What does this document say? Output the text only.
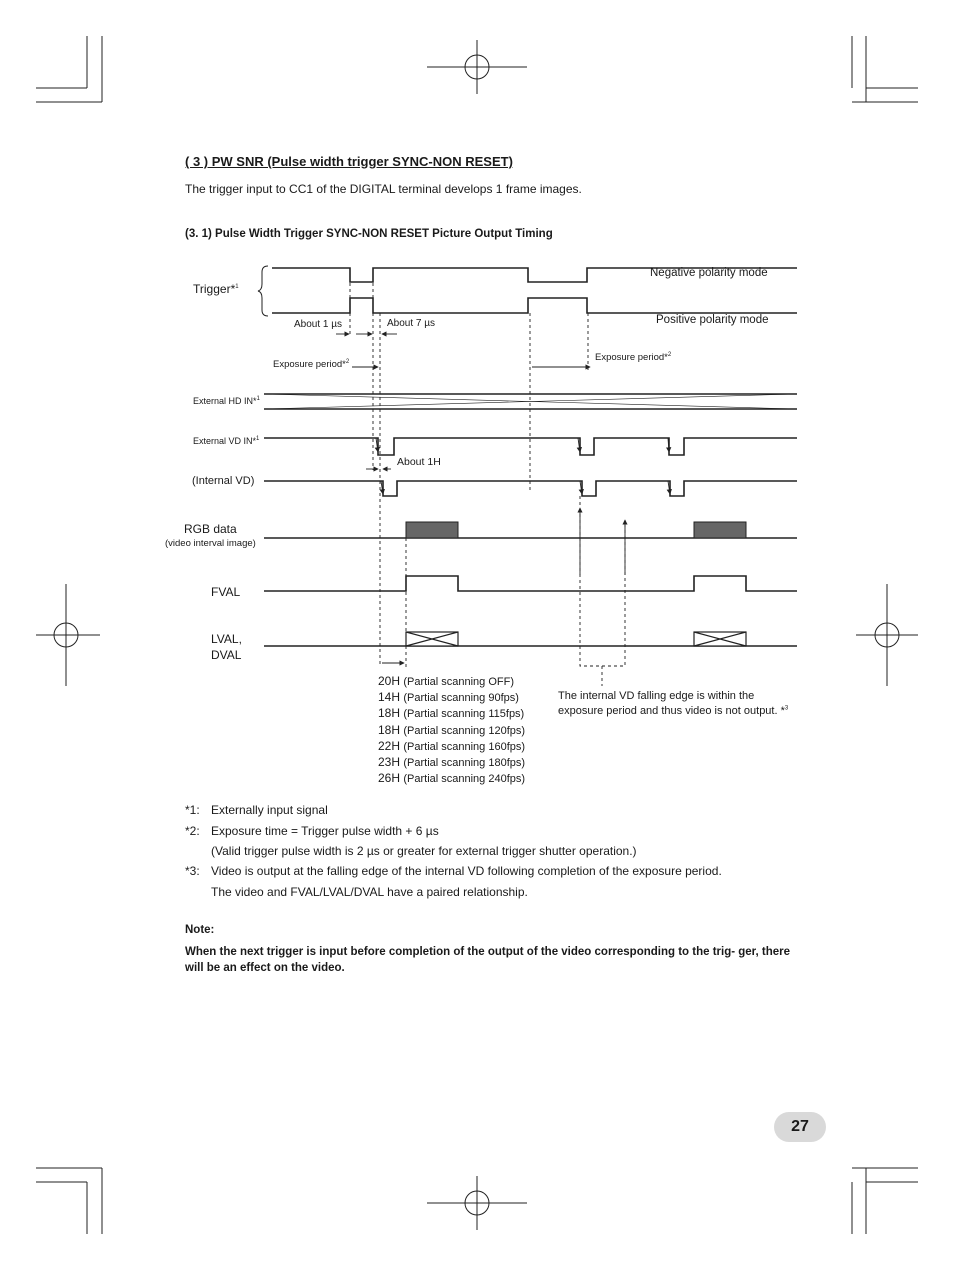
( 3 ) PW SNR (Pulse width trigger SYNC-NON RESET)
The trigger input to CC1 of the DIGITAL terminal develops 1 frame images.
(3. 1) Pulse Width Trigger SYNC-NON RESET Picture Output Timing
Trigger*$^1$
Negative polarity mode
Positive polarity mode
About 1 µs	About 7 µs
Exposure period*$^2$	Exposure period*$^2$
External HD IN*$^1$
External VD IN*$^1$
About 1H
(Internal VD)
RGB data
(video interval image)
FVAL
LVAL,
DVAL
20H (Partial scanning OFF)
14H (Partial scanning 90fps)
18H (Partial scanning 115fps)
18H (Partial scanning 120fps)
22H (Partial scanning 160fps)
23H (Partial scanning 180fps)
26H (Partial scanning 240fps)
The internal VD falling edge is within the
exposure period and thus video is not output. *$^3$
*1: Externally input signal
*2: Exposure time = Trigger pulse width + 6 µs
(Valid trigger pulse width is 2 µs or greater for external trigger shutter operation.)
*3: Video is output at the falling edge of the internal VD following completion of the exposure period.
The video and FVAL/LVAL/DVAL have a paired relationship.
Note:
When the next trigger is input before completion of the output of the video corresponding to the trig- ger, there will be an effect on the video.
27
